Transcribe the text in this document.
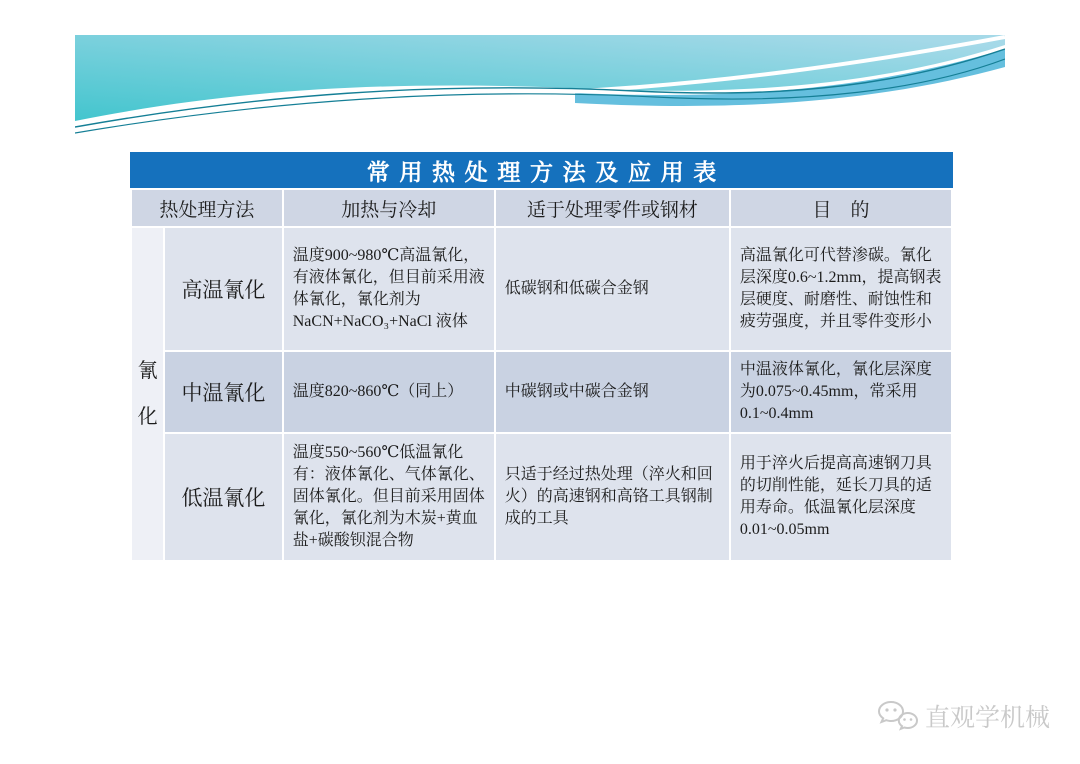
常用热处理方法及应用表
热处理方法		加热与冷却	适于处理零件或钢材	目　的
氰化	高温氰化	温度900~980℃高温氰化，有液体氰化，但目前采用液体氰化，氰化剂为NaCN+NaCO₃+NaCl 液体	低碳钢和低碳合金钢	高温氰化可代替渗碳。氰化层深度0.6~1.2mm，提高钢表层硬度、耐磨性、耐蚀性和疲劳强度，并且零件变形小
	中温氰化	温度820~860℃（同上）	中碳钢或中碳合金钢	中温液体氰化，氰化层深度为0.075~0.45mm，常采用0.1~0.4mm
	低温氰化	温度550~560℃低温氰化有：液体氰化、气体氰化、固体氰化。但目前采用固体氰化，氰化剂为木炭+黄血盐+碳酸钡混合物	只适于经过热处理（淬火和回火）的高速钢和高铬工具钢制成的工具	用于淬火后提高高速钢刀具的切削性能，延长刀具的适用寿命。低温氰化层深度0.01~0.05mm
直观学机械
